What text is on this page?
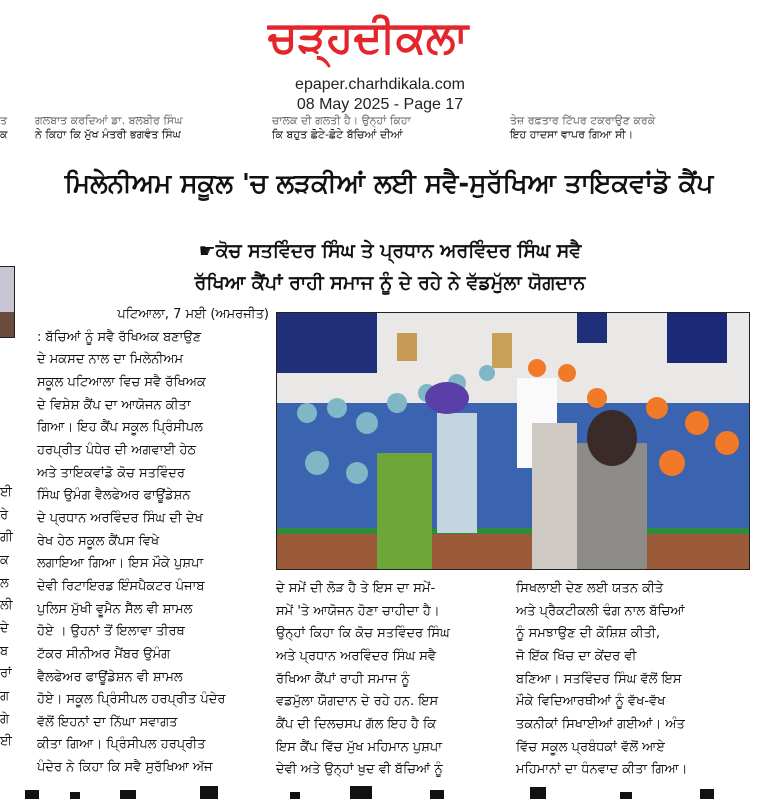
ਚੜ੍ਹਦੀਕਲਾ
epaper.charhdikala.com
08 May 2025 - Page 17
ਤ
ਕ
ਗਲਬਾਤ ਕਰਦਿਆਂ ਡਾ. ਬਲਬੀਰ ਸਿੰਘ
ਨੇ ਕਿਹਾ ਕਿ ਮੁੱਖ ਮੰਤਰੀ ਭਗਵੰਤ ਸਿੰਘ
ਚਾਲਕ ਦੀ ਗਲਤੀ ਹੈ। ਉਨ੍ਹਾਂ ਕਿਹਾ
ਕਿ ਬਹੁਤ ਛੋਟੇ-ਛੋਟੇ ਬੱਚਿਆਂ ਦੀਆਂ
ਤੇਜ਼ ਰਫ਼ਤਾਰ ਟਿੱਪਰ ਟਕਰਾਉਣ ਕਰਕੇ
ਇਹ ਹਾਦਸਾ ਵਾਪਰ ਗਿਆ ਸੀ।
ਮਿਲੇਨੀਅਮ ਸਕੂਲ 'ਚ ਲੜਕੀਆਂ ਲਈ ਸਵੈ-ਸੁਰੱਖਿਆ ਤਾਇਕਵਾਂਡੋ ਕੈਂਪ
☛ਕੋਚ ਸਤਵਿੰਦਰ ਸਿੰਘ ਤੇ ਪ੍ਰਧਾਨ ਅਰਵਿੰਦਰ ਸਿੰਘ ਸਵੈ
ਰੱਖਿਆ ਕੈਂਪਾਂ ਰਾਹੀ ਸਮਾਜ ਨੂੰ ਦੇ ਰਹੇ ਨੇ ਵੱਡਮੁੱਲਾ ਯੋਗਦਾਨ
ਈ
ਰੇ
ਗੀ
ਕ
ਲ
ਲੀ
ਦੇ
ਬ
ਰਾਂ
ਗ
ਗੇ
ਈ
ਪਟਿਆਲਾ, 7 ਮਈ (ਅਮਰਜੀਤ)
: ਬੱਚਿਆਂ ਨੂੰ ਸਵੈ ਰੱਖਿਅਕ ਬਣਾਉਣ
ਦੇ ਮਕਸਦ ਨਾਲ ਦਾ ਮਿਲੇਨੀਅਮ
ਸਕੂਲ ਪਟਿਆਲਾ ਵਿਚ ਸਵੈ ਰੱਖਿਅਕ
ਦੇ ਵਿਸ਼ੇਸ਼ ਕੈਂਪ ਦਾ ਆਯੋਜਨ ਕੀਤਾ
ਗਿਆ। ਇਹ ਕੈਂਪ ਸਕੂਲ ਪ੍ਰਿੰਸੀਪਲ
ਹਰਪ੍ਰੀਤ ਪੰਧੇਰ ਦੀ ਅਗਵਾਈ ਹੇਠ
ਅਤੇ ਤਾਇਕਵਾਂਡੋ ਕੋਚ ਸਤਵਿੰਦਰ
ਸਿੰਘ ਉਮੰਗ ਵੈਲਫੇਅਰ ਫਾਊਂਡੇਸ਼ਨ
ਦੇ ਪ੍ਰਧਾਨ ਅਰਵਿੰਦਰ ਸਿੰਘ ਦੀ ਦੇਖ
ਰੇਖ ਹੇਠ ਸਕੂਲ ਕੈਂਪਸ ਵਿਖੇ
ਲਗਾਇਆ ਗਿਆ। ਇਸ ਮੌਕੇ ਪੁਸ਼ਪਾ
ਦੇਵੀ ਰਿਟਾਇਰਡ ਇੰਸਪੈਕਟਰ ਪੰਜਾਬ
ਪੁਲਿਸ ਮੁੱਖੀ ਵੂਮੈਨ ਸੈੱਲ ਵੀ ਸ਼ਾਮਲ
ਹੋਏ । ਉਹਨਾਂ ਤੋਂ ਇਲਾਵਾ ਤੀਰਥ
ਟੱਕਰ ਸੀਨੀਅਰ ਮੈਂਬਰ ਉਮੰਗ
ਵੈਲਫੇਅਰ ਫਾਊਂਡੇਸ਼ਨ ਵੀ ਸ਼ਾਮਲ
ਹੋਏ। ਸਕੂਲ ਪ੍ਰਿੰਸੀਪਲ ਹਰਪ੍ਰੀਤ ਪੰਦੇਰ
ਵੱਲੋਂ ਇਹਨਾਂ ਦਾ ਨਿੱਘਾ ਸਵਾਗਤ
ਕੀਤਾ ਗਿਆ। ਪ੍ਰਿੰਸੀਪਲ ਹਰਪ੍ਰੀਤ
ਪੰਦੇਰ ਨੇ ਕਿਹਾ ਕਿ ਸਵੈ ਸੁਰੱਖਿਆ ਅੱਜ
ਦੇ ਸਮੇਂ ਦੀ ਲੋੜ ਹੈ ਤੇ ਇਸ ਦਾ ਸਮੇਂ-
ਸਮੇਂ 'ਤੇ ਆਯੋਜਨ ਹੋਣਾ ਚਾਹੀਦਾ ਹੈ।
ਉਨ੍ਹਾਂ ਕਿਹਾ ਕਿ ਕੋਚ ਸਤਵਿੰਦਰ ਸਿੰਘ
ਅਤੇ ਪ੍ਰਧਾਨ ਅਰਵਿੰਦਰ ਸਿੰਘ ਸਵੈ
ਰੱਖਿਆ ਕੈਂਪਾਂ ਰਾਹੀ ਸਮਾਜ ਨੂੰ
ਵਡਮੁੱਲਾ ਯੋਗਦਾਨ ਦੇ ਰਹੇ ਹਨ. ਇਸ
ਕੈਂਪ ਦੀ ਦਿਲਚਸਪ ਗੱਲ ਇਹ ਹੈ ਕਿ
ਇਸ ਕੈਂਪ ਵਿੱਚ ਮੁੱਖ ਮਹਿਮਾਨ ਪੁਸ਼ਪਾ
ਦੇਵੀ ਅਤੇ ਉਨ੍ਹਾਂ ਖੁਦ ਵੀ ਬੱਚਿਆਂ ਨੂੰ
ਸਿਖਲਾਈ ਦੇਣ ਲਈ ਯਤਨ ਕੀਤੇ
ਅਤੇ ਪ੍ਰੈਕਟੀਕਲੀ ਢੰਗ ਨਾਲ ਬੱਚਿਆਂ
ਨੂੰ ਸਮਝਾਉਣ ਦੀ ਕੋਸ਼ਿਸ਼ ਕੀਤੀ,
ਜੋ ਇੱਕ ਖਿੱਚ ਦਾ ਕੇਂਦਰ ਵੀ
ਬਣਿਆ। ਸਤਵਿੰਦਰ ਸਿੰਘ ਵੱਲੋਂ ਇਸ
ਮੌਕੇ ਵਿਦਿਆਰਥੀਆਂ ਨੂੰ ਵੱਖ-ਵੱਖ
ਤਕਨੀਕਾਂ ਸਿਖਾਈਆਂ ਗਈਆਂ। ਅੰਤ
ਵਿੱਚ ਸਕੂਲ ਪ੍ਰਬੰਧਕਾਂ ਵੱਲੋਂ ਆਏ
ਮਹਿਮਾਨਾਂ ਦਾ ਧੰਨਵਾਦ ਕੀਤਾ ਗਿਆ।
